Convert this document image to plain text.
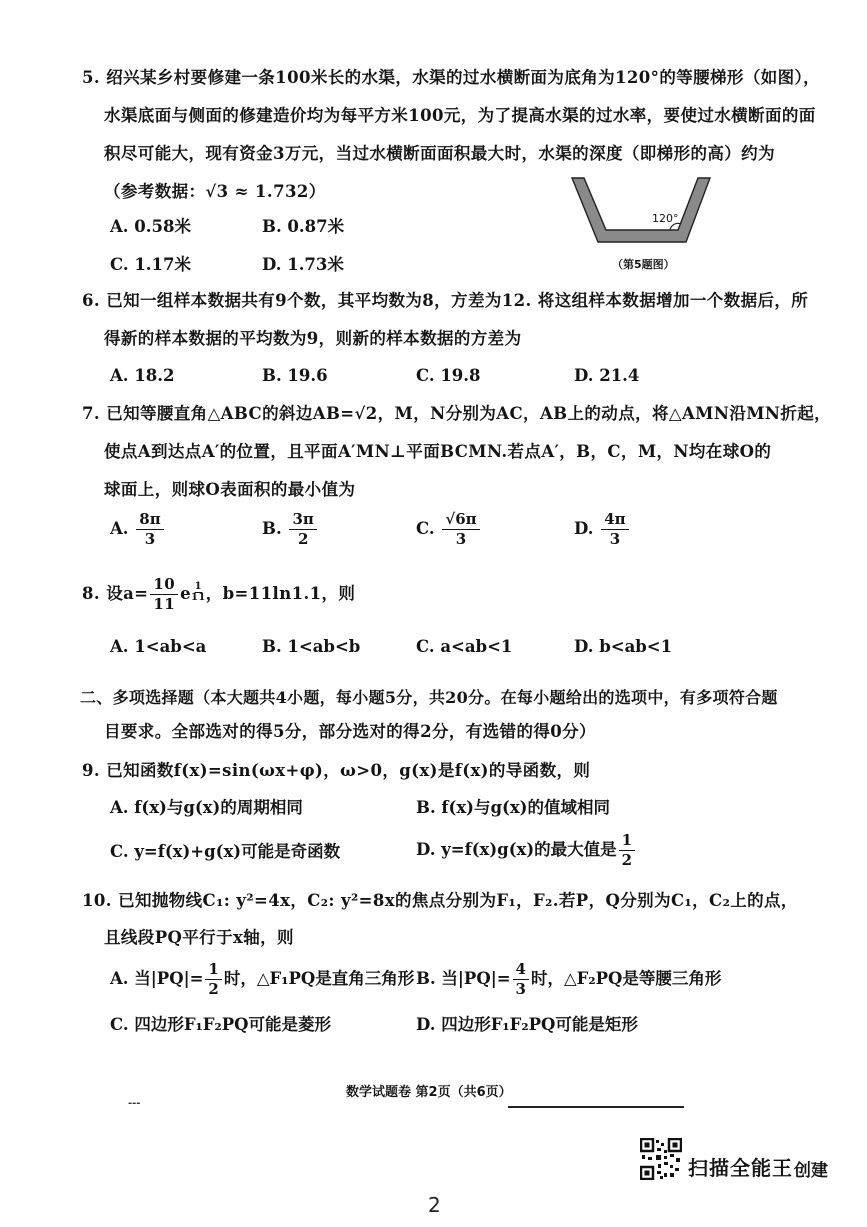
5. 绍兴某乡村要修建一条100米长的水渠，水渠的过水横断面为底角为120°的等腰梯形（如图），
水渠底面与侧面的修建造价均为每平方米100元，为了提高水渠的过水率，要使过水横断面的面
积尽可能大，现有资金3万元，当过水横断面面积最大时，水渠的深度（即梯形的高）约为
（参考数据：√3 ≈ 1.732）
A. 0.58米	B. 0.87米
C. 1.17米	D. 1.73米
120°
（第5题图）
6. 已知一组样本数据共有9个数，其平均数为8，方差为12. 将这组样本数据增加一个数据后，所
得新的样本数据的平均数为9，则新的样本数据的方差为
A. 18.2	B. 19.6	C. 19.8	D. 21.4
7. 已知等腰直角△ABC的斜边AB=√2，M，N分别为AC，AB上的动点，将△AMN沿MN折起，
使点A到达点A′的位置，且平面A′MN⊥平面BCMN.若点A′，B，C，M，N均在球O的
球面上，则球O表面积的最小值为
A. $\frac{8\pi}{3}$	B. $\frac{3\pi}{2}$	C. $\frac{√6\pi}{3}$	D. $\frac{4\pi}{3}$
8. 设$a= \frac{10}{11}$ e $^{\frac{1}{11}}$ ，b=11ln1.1，则
A. 1<ab<a	B. 1<ab<b	C. a<ab<1	D. b<ab<1
二、多项选择题（本大题共4小题，每小题5分，共20分。在每小题给出的选项中，有多项符合题
目要求。全部选对的得5分，部分选对的得2分，有选错的得0分）
9. 已知函数f(x)=sin(ωx+φ)，ω>0，g(x)是f(x)的导函数，则
A. f(x)与g(x)的周期相同	B. f(x)与g(x)的值域相同
C. y=f(x)+g(x)可能是奇函数	D. y=f(x)g(x)的最大值是 $\frac{1}{2}$
10. 已知抛物线C₁: y²=4x，C₂: y²=8x的焦点分别为F₁，F₂.若P，Q分别为C₁，C₂上的点，
且线段PQ平行于x轴，则
A. 当$|PQ|= \frac{1}{2}$ 时，△F₁PQ是直角三角形 B. 当$|PQ|= \frac{4}{3}$ 时，△F₂PQ是等腰三角形
C. 四边形F₁F₂PQ可能是菱形	D. 四边形F₁F₂PQ可能是矩形
数学试题卷 第2页（共6页）
---
扫描全能王 创建
2
